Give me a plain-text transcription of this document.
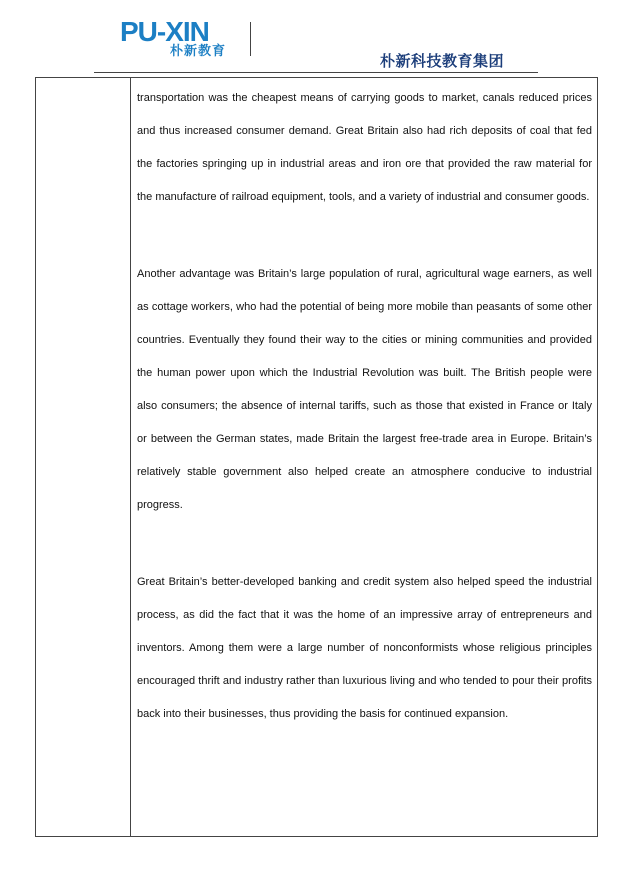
PU-XIN
朴新教育
朴新科技教育集团

transportation was the cheapest means of carrying goods to market, canals reduced prices and thus increased consumer demand. Great Britain also had rich deposits of coal that fed the factories springing up in industrial areas and iron ore that provided the raw material for the manufacture of railroad equipment, tools, and a variety of industrial and consumer goods.

Another advantage was Britain’s large population of rural, agricultural wage earners, as well as cottage workers, who had the potential of being more mobile than peasants of some other countries. Eventually they found their way to the cities or mining communities and provided the human power upon which the Industrial Revolution was built. The British people were also consumers; the absence of internal tariffs, such as those that existed in France or Italy or between the German states, made Britain the largest free-trade area in Europe. Britain’s relatively stable government also helped create an atmosphere conducive to industrial progress.

Great Britain’s better-developed banking and credit system also helped speed the industrial process, as did the fact that it was the home of an impressive array of entrepreneurs and inventors. Among them were a large number of nonconformists whose religious principles encouraged thrift and industry rather than luxurious living and who tended to pour their profits back into their businesses, thus providing the basis for continued expansion.
